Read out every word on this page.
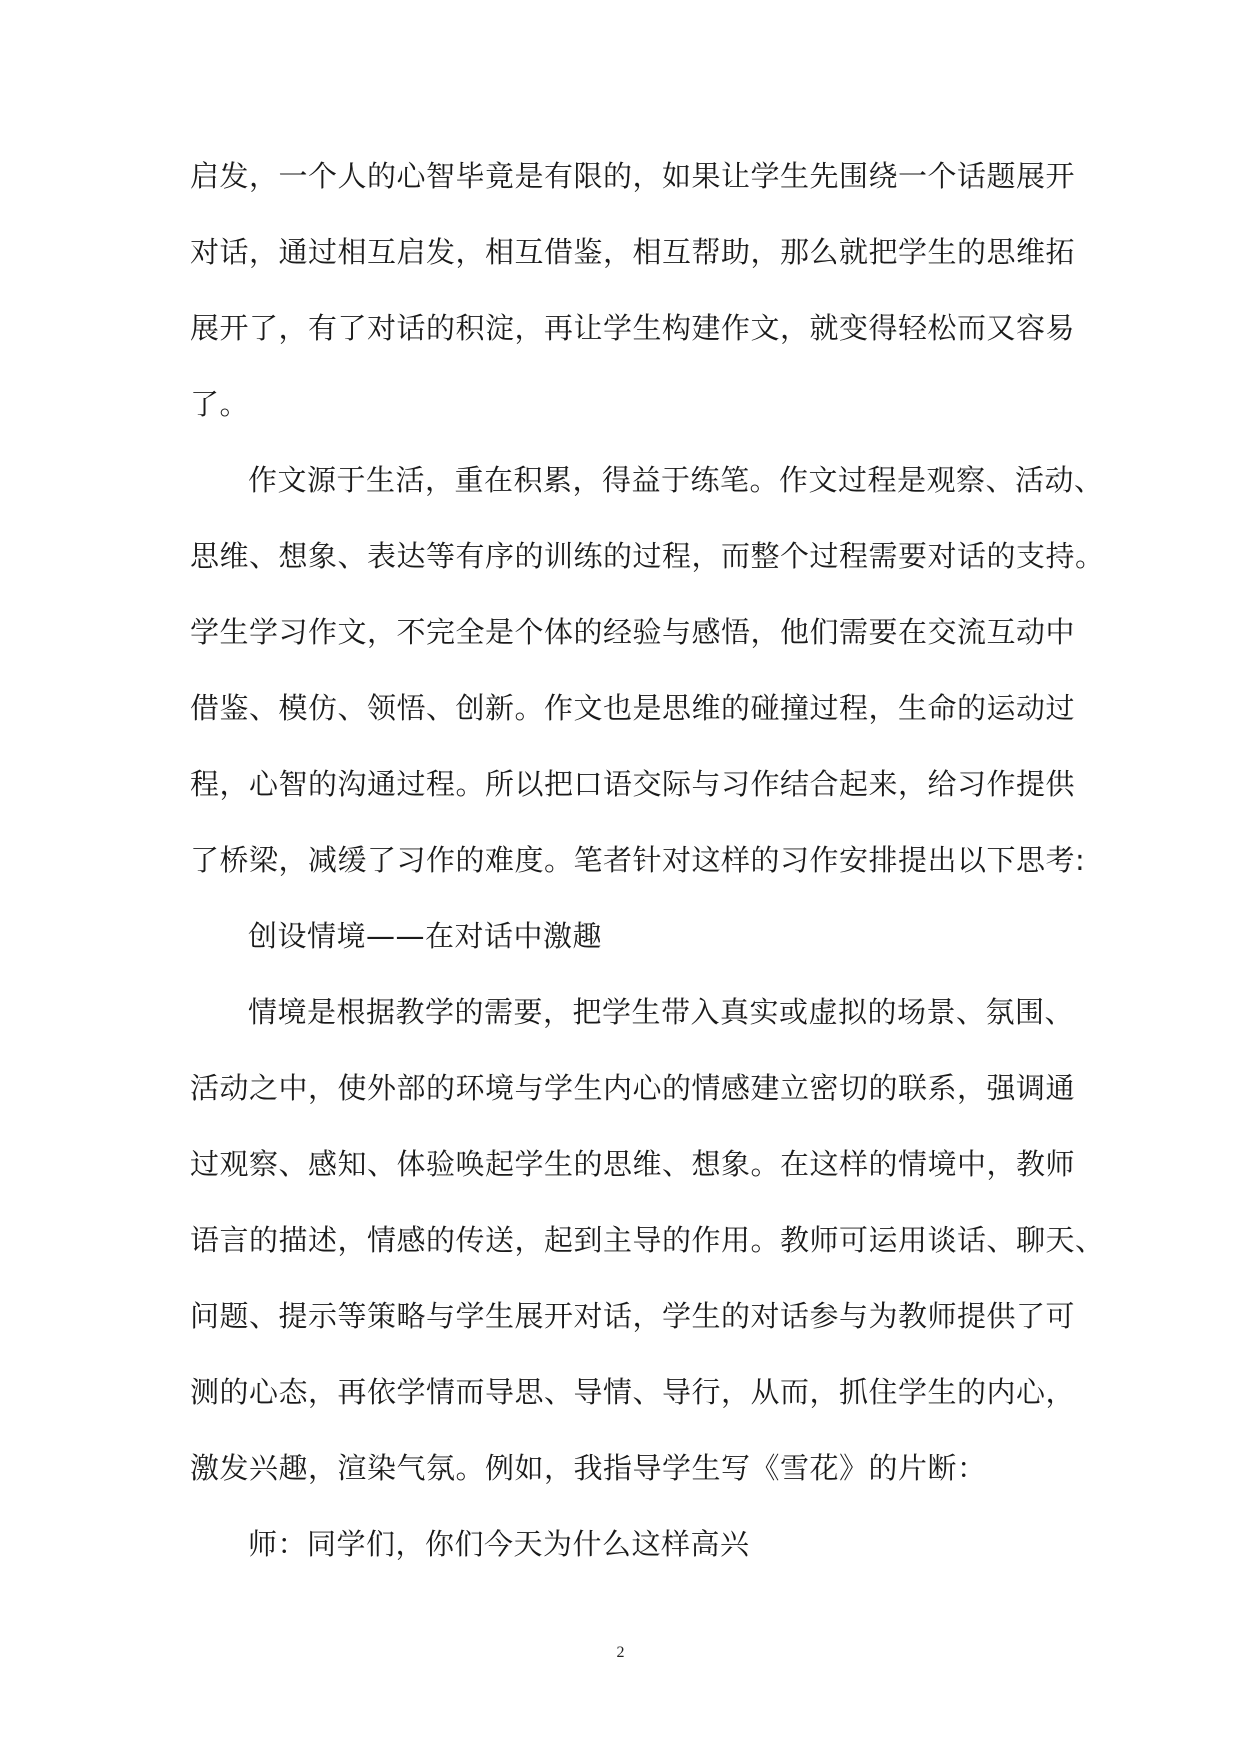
启发，一个人的心智毕竟是有限的，如果让学生先围绕一个话题展开
对话，通过相互启发，相互借鉴，相互帮助，那么就把学生的思维拓
展开了，有了对话的积淀，再让学生构建作文，就变得轻松而又容易
了。
作文源于生活，重在积累，得益于练笔。作文过程是观察、活动、
思维、想象、表达等有序的训练的过程，而整个过程需要对话的支持。
学生学习作文，不完全是个体的经验与感悟，他们需要在交流互动中
借鉴、模仿、领悟、创新。作文也是思维的碰撞过程，生命的运动过
程，心智的沟通过程。所以把口语交际与习作结合起来，给习作提供
了桥梁，减缓了习作的难度。笔者针对这样的习作安排提出以下思考:
创设情境——在对话中激趣
情境是根据教学的需要，把学生带入真实或虚拟的场景、氛围、
活动之中，使外部的环境与学生内心的情感建立密切的联系，强调通
过观察、感知、体验唤起学生的思维、想象。在这样的情境中，教师
语言的描述，情感的传送，起到主导的作用。教师可运用谈话、聊天、
问题、提示等策略与学生展开对话，学生的对话参与为教师提供了可
测的心态，再依学情而导思、导情、导行，从而，抓住学生的内心，
激发兴趣，渲染气氛。例如，我指导学生写《雪花》的片断：
师：同学们，你们今天为什么这样高兴
2
